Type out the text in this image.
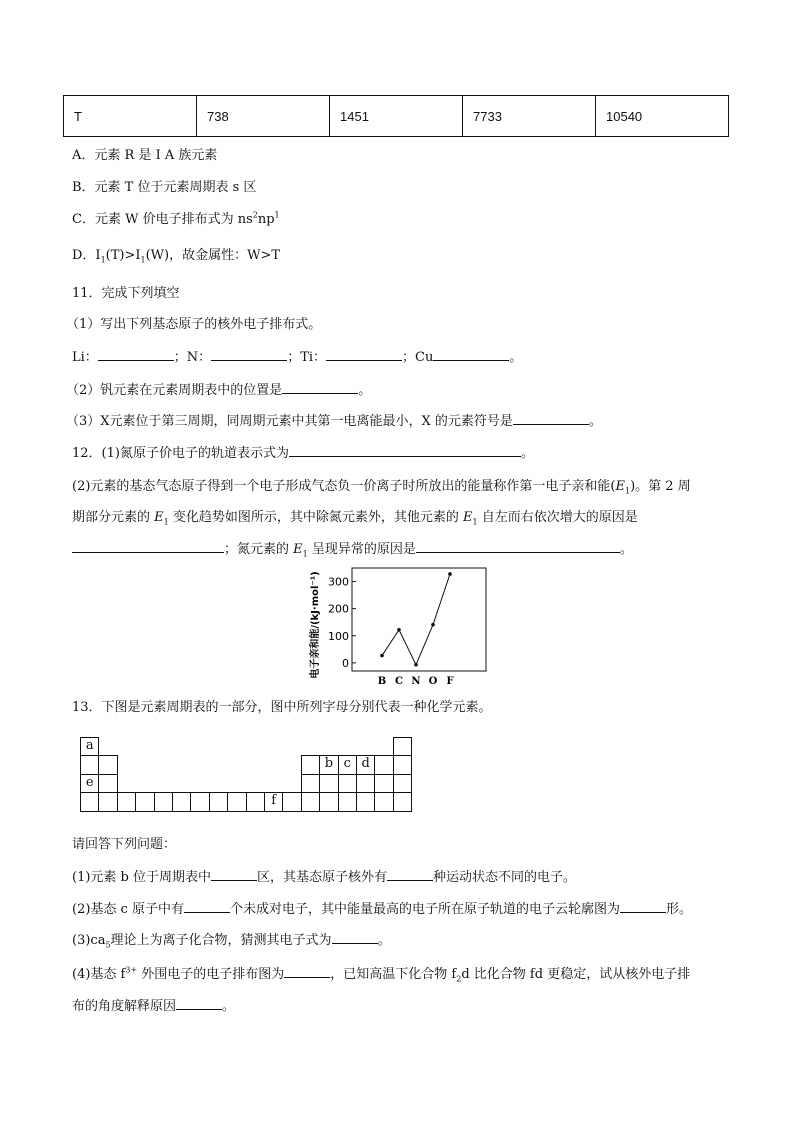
T	738	1451	7733	10540
A．元素 R 是 I A 族元素
B．元素 T 位于元素周期表 s 区
C．元素 W 价电子排布式为 $ns^2np^1$
D．$I_1(T)>I_1(W)$，故金属性：W>T
11．完成下列填空
（1）写出下列基态原子的核外电子排布式。
Li：	；N：	；Ti：	；Cu	。
（2）钒元素在元素周期表中的位置是	。
（3）X元素位于第三周期，同周期元素中其第一电离能最小，X 的元素符号是	。
12．(1)氮原子价电子的轨道表示式为	。
(2)元素的基态气态原子得到一个电子形成气态负一价离子时所放出的能量称作第一电子亲和能$(E_1)$。第 2 周
期部分元素的 $E_1$ 变化趋势如图所示，其中除氮元素外，其他元素的 $E_1$ 自左而右依次增大的原因是
；氮元素的 $E_1$ 呈现异常的原因是	。
电子亲和能/(kJ·mol⁻¹) 0
100
200
300
B C N O F
13．下图是元素周期表的一部分，图中所列字母分别代表一种化学元素。
a
b c d
e
f
请回答下列问题：
(1)元素 b 位于周期表中	区，其基态原子核外有	种运动状态不同的电子。
(2)基态 c 原子中有	个未成对电子，其中能量最高的电子所在原子轨道的电子云轮廓图为	形。
$(3)ca_5$理论上为离子化合物，猜测其电子式为	。
(4)基态 $f^{3+}$ 外围电子的电子排布图为	，已知高温下化合物 $f_2d$ 比化合物 fd 更稳定，试从核外电子排
布的角度解释原因	。
